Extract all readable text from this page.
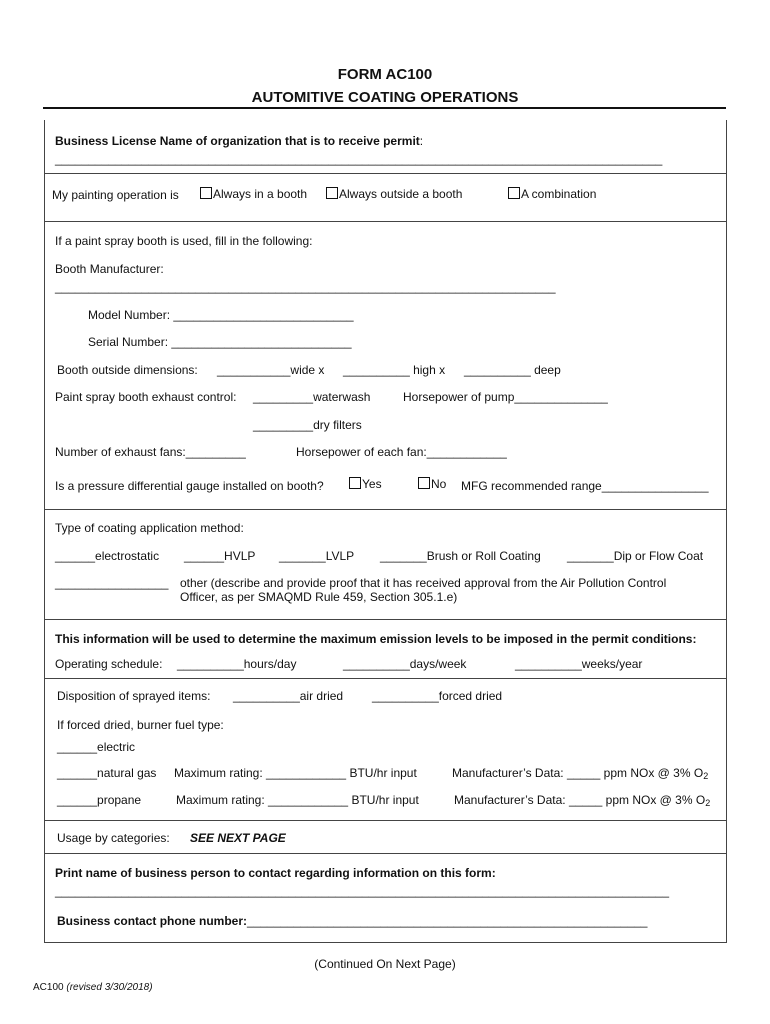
FORM AC100
AUTOMITIVE COATING OPERATIONS
Business License Name of organization that is to receive permit:
___________________________________________________________________________________________
My painting operation is	Always in a booth	Always outside a booth	A combination
If a paint spray booth is used, fill in the following:
Booth Manufacturer:
___________________________________________________________________________
Model Number: ___________________________
Serial Number: ___________________________
Booth outside dimensions: ___________wide x __________ high x __________ deep
Paint spray booth exhaust control: _________waterwash	Horsepower of pump______________
_________dry filters
Number of exhaust fans:_________	Horsepower of each fan:____________
Is a pressure differential gauge installed on booth?	Yes	No MFG recommended range________________
Type of coating application method:
______electrostatic ______HVLP _______LVLP _______Brush or Roll Coating _______Dip or Flow Coat
_________________ other (describe and provide proof that it has received approval from the Air Pollution Control
Officer, as per SMAQMD Rule 459, Section 305.1.e)
This information will be used to determine the maximum emission levels to be imposed in the permit conditions:
Operating schedule: __________hours/day	__________days/week	__________weeks/year
Disposition of sprayed items: __________air dried __________forced dried
If forced dried, burner fuel type:
______electric
______natural gas Maximum rating: ____________ BTU/hr input	Manufacturer’s Data: _____ ppm NOx @ 3% $O_2$
______propane	Maximum rating: ____________ BTU/hr input	Manufacturer’s Data: _____ ppm NOx @ 3% $O_2$
Usage by categories: SEE NEXT PAGE
Print name of business person to contact regarding information on this form:
____________________________________________________________________________________________
Business contact phone number:____________________________________________________________
(Continued On Next Page)
AC100 (revised 3/30/2018)
